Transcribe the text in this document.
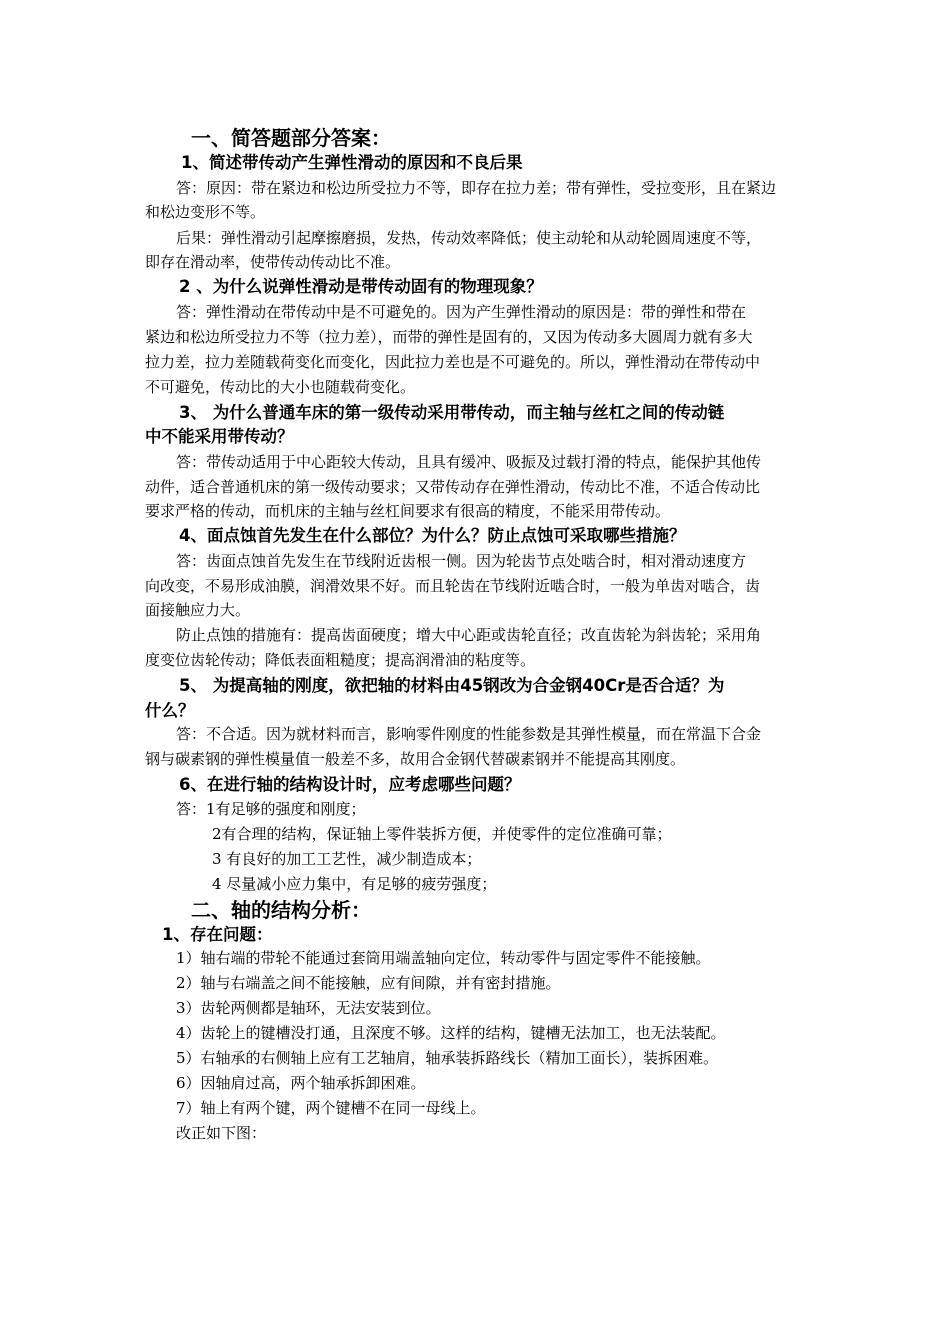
一、简答题部分答案：
1、简述带传动产生弹性滑动的原因和不良后果
答：原因：带在紧边和松边所受拉力不等，即存在拉力差；带有弹性，受拉变形，且在紧边
和松边变形不等。
后果：弹性滑动引起摩擦磨损，发热，传动效率降低；使主动轮和从动轮圆周速度不等，
即存在滑动率，使带传动传动比不准。
2 、为什么说弹性滑动是带传动固有的物理现象？
答：弹性滑动在带传动中是不可避免的。因为产生弹性滑动的原因是：带的弹性和带在
紧边和松边所受拉力不等（拉力差），而带的弹性是固有的，又因为传动多大圆周力就有多大
拉力差，拉力差随载荷变化而变化，因此拉力差也是不可避免的。所以，弹性滑动在带传动中
不可避免，传动比的大小也随载荷变化。
3、 为什么普通车床的第一级传动采用带传动，而主轴与丝杠之间的传动链
中不能采用带传动？
答：带传动适用于中心距较大传动，且具有缓冲、吸振及过载打滑的特点，能保护其他传
动件，适合普通机床的第一级传动要求；又带传动存在弹性滑动，传动比不准，不适合传动比
要求严格的传动，而机床的主轴与丝杠间要求有很高的精度，不能采用带传动。
4、面点蚀首先发生在什么部位？为什么？防止点蚀可采取哪些措施？
答：齿面点蚀首先发生在节线附近齿根一侧。因为轮齿节点处啮合时，相对滑动速度方
向改变，不易形成油膜，润滑效果不好。而且轮齿在节线附近啮合时，一般为单齿对啮合，齿
面接触应力大。
防止点蚀的措施有：提高齿面硬度；增大中心距或齿轮直径；改直齿轮为斜齿轮；采用角
度变位齿轮传动；降低表面粗糙度；提高润滑油的粘度等。
5、 为提高轴的刚度，欲把轴的材料由45钢改为合金钢40Cr是否合适？为
什么？
答：不合适。因为就材料而言，影响零件刚度的性能参数是其弹性模量，而在常温下合金
钢与碳素钢的弹性模量值一般差不多，故用合金钢代替碳素钢并不能提高其刚度。
6、在进行轴的结构设计时，应考虑哪些问题？
答：1有足够的强度和刚度；
2有合理的结构，保证轴上零件装拆方便，并使零件的定位准确可靠；
3 有良好的加工工艺性，减少制造成本；
4 尽量减小应力集中，有足够的疲劳强度；
二、轴的结构分析：
1、存在问题：
1）轴右端的带轮不能通过套筒用端盖轴向定位，转动零件与固定零件不能接触。
2）轴与右端盖之间不能接触，应有间隙，并有密封措施。
3）齿轮两侧都是轴环，无法安装到位。
4）齿轮上的键槽没打通，且深度不够。这样的结构，键槽无法加工，也无法装配。
5）右轴承的右侧轴上应有工艺轴肩，轴承装拆路线长（精加工面长），装拆困难。
6）因轴肩过高，两个轴承拆卸困难。
7）轴上有两个键，两个键槽不在同一母线上。
改正如下图：
